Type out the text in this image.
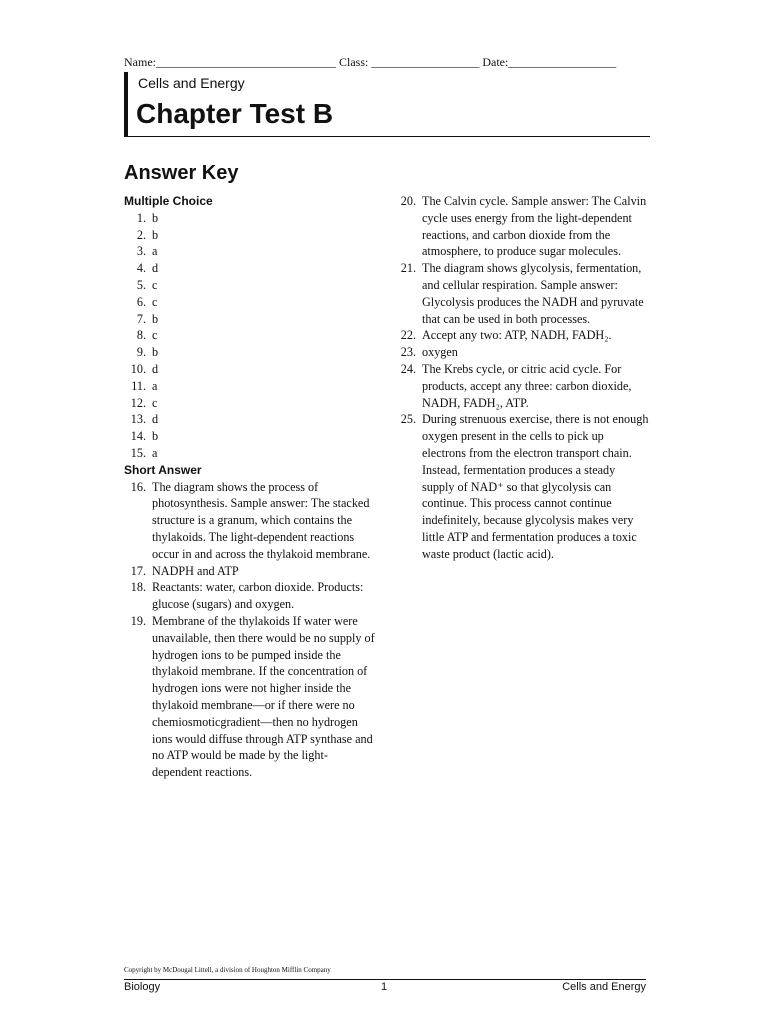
Name:______________________________ Class: __________________ Date:__________________
Cells and Energy
Chapter Test B
Answer Key
Multiple Choice
1. b
2. b
3. a
4. d
5. c
6. c
7. b
8. c
9. b
10. d
11. a
12. c
13. d
14. b
15. a
Short Answer
16. The diagram shows the process of photosynthesis. Sample answer: The stacked structure is a granum, which contains the thylakoids. The light-dependent reactions occur in and across the thylakoid membrane.
17. NADPH and ATP
18. Reactants: water, carbon dioxide. Products: glucose (sugars) and oxygen.
19. Membrane of the thylakoids If water were unavailable, then there would be no supply of hydrogen ions to be pumped inside the thylakoid membrane. If the concentration of hydrogen ions were not higher inside the thylakoid membrane—or if there were no chemiosmoticgradient—then no hydrogen ions would diffuse through ATP synthase and no ATP would be made by the light-dependent reactions.
20. The Calvin cycle. Sample answer: The Calvin cycle uses energy from the light-dependent reactions, and carbon dioxide from the atmosphere, to produce sugar molecules.
21. The diagram shows glycolysis, fermentation, and cellular respiration. Sample answer: Glycolysis produces the NADH and pyruvate that can be used in both processes.
22. Accept any two: ATP, NADH, FADH₂.
23. oxygen
24. The Krebs cycle, or citric acid cycle. For products, accept any three: carbon dioxide, NADH, FADH₂, ATP.
25. During strenuous exercise, there is not enough oxygen present in the cells to pick up electrons from the electron transport chain. Instead, fermentation produces a steady supply of NAD⁺ so that glycolysis can continue. This process cannot continue indefinitely, because glycolysis makes very little ATP and fermentation produces a toxic waste product (lactic acid).
Copyright by McDougal Littell, a division of Houghton Mifflin Company
Biology	1	Cells and Energy
